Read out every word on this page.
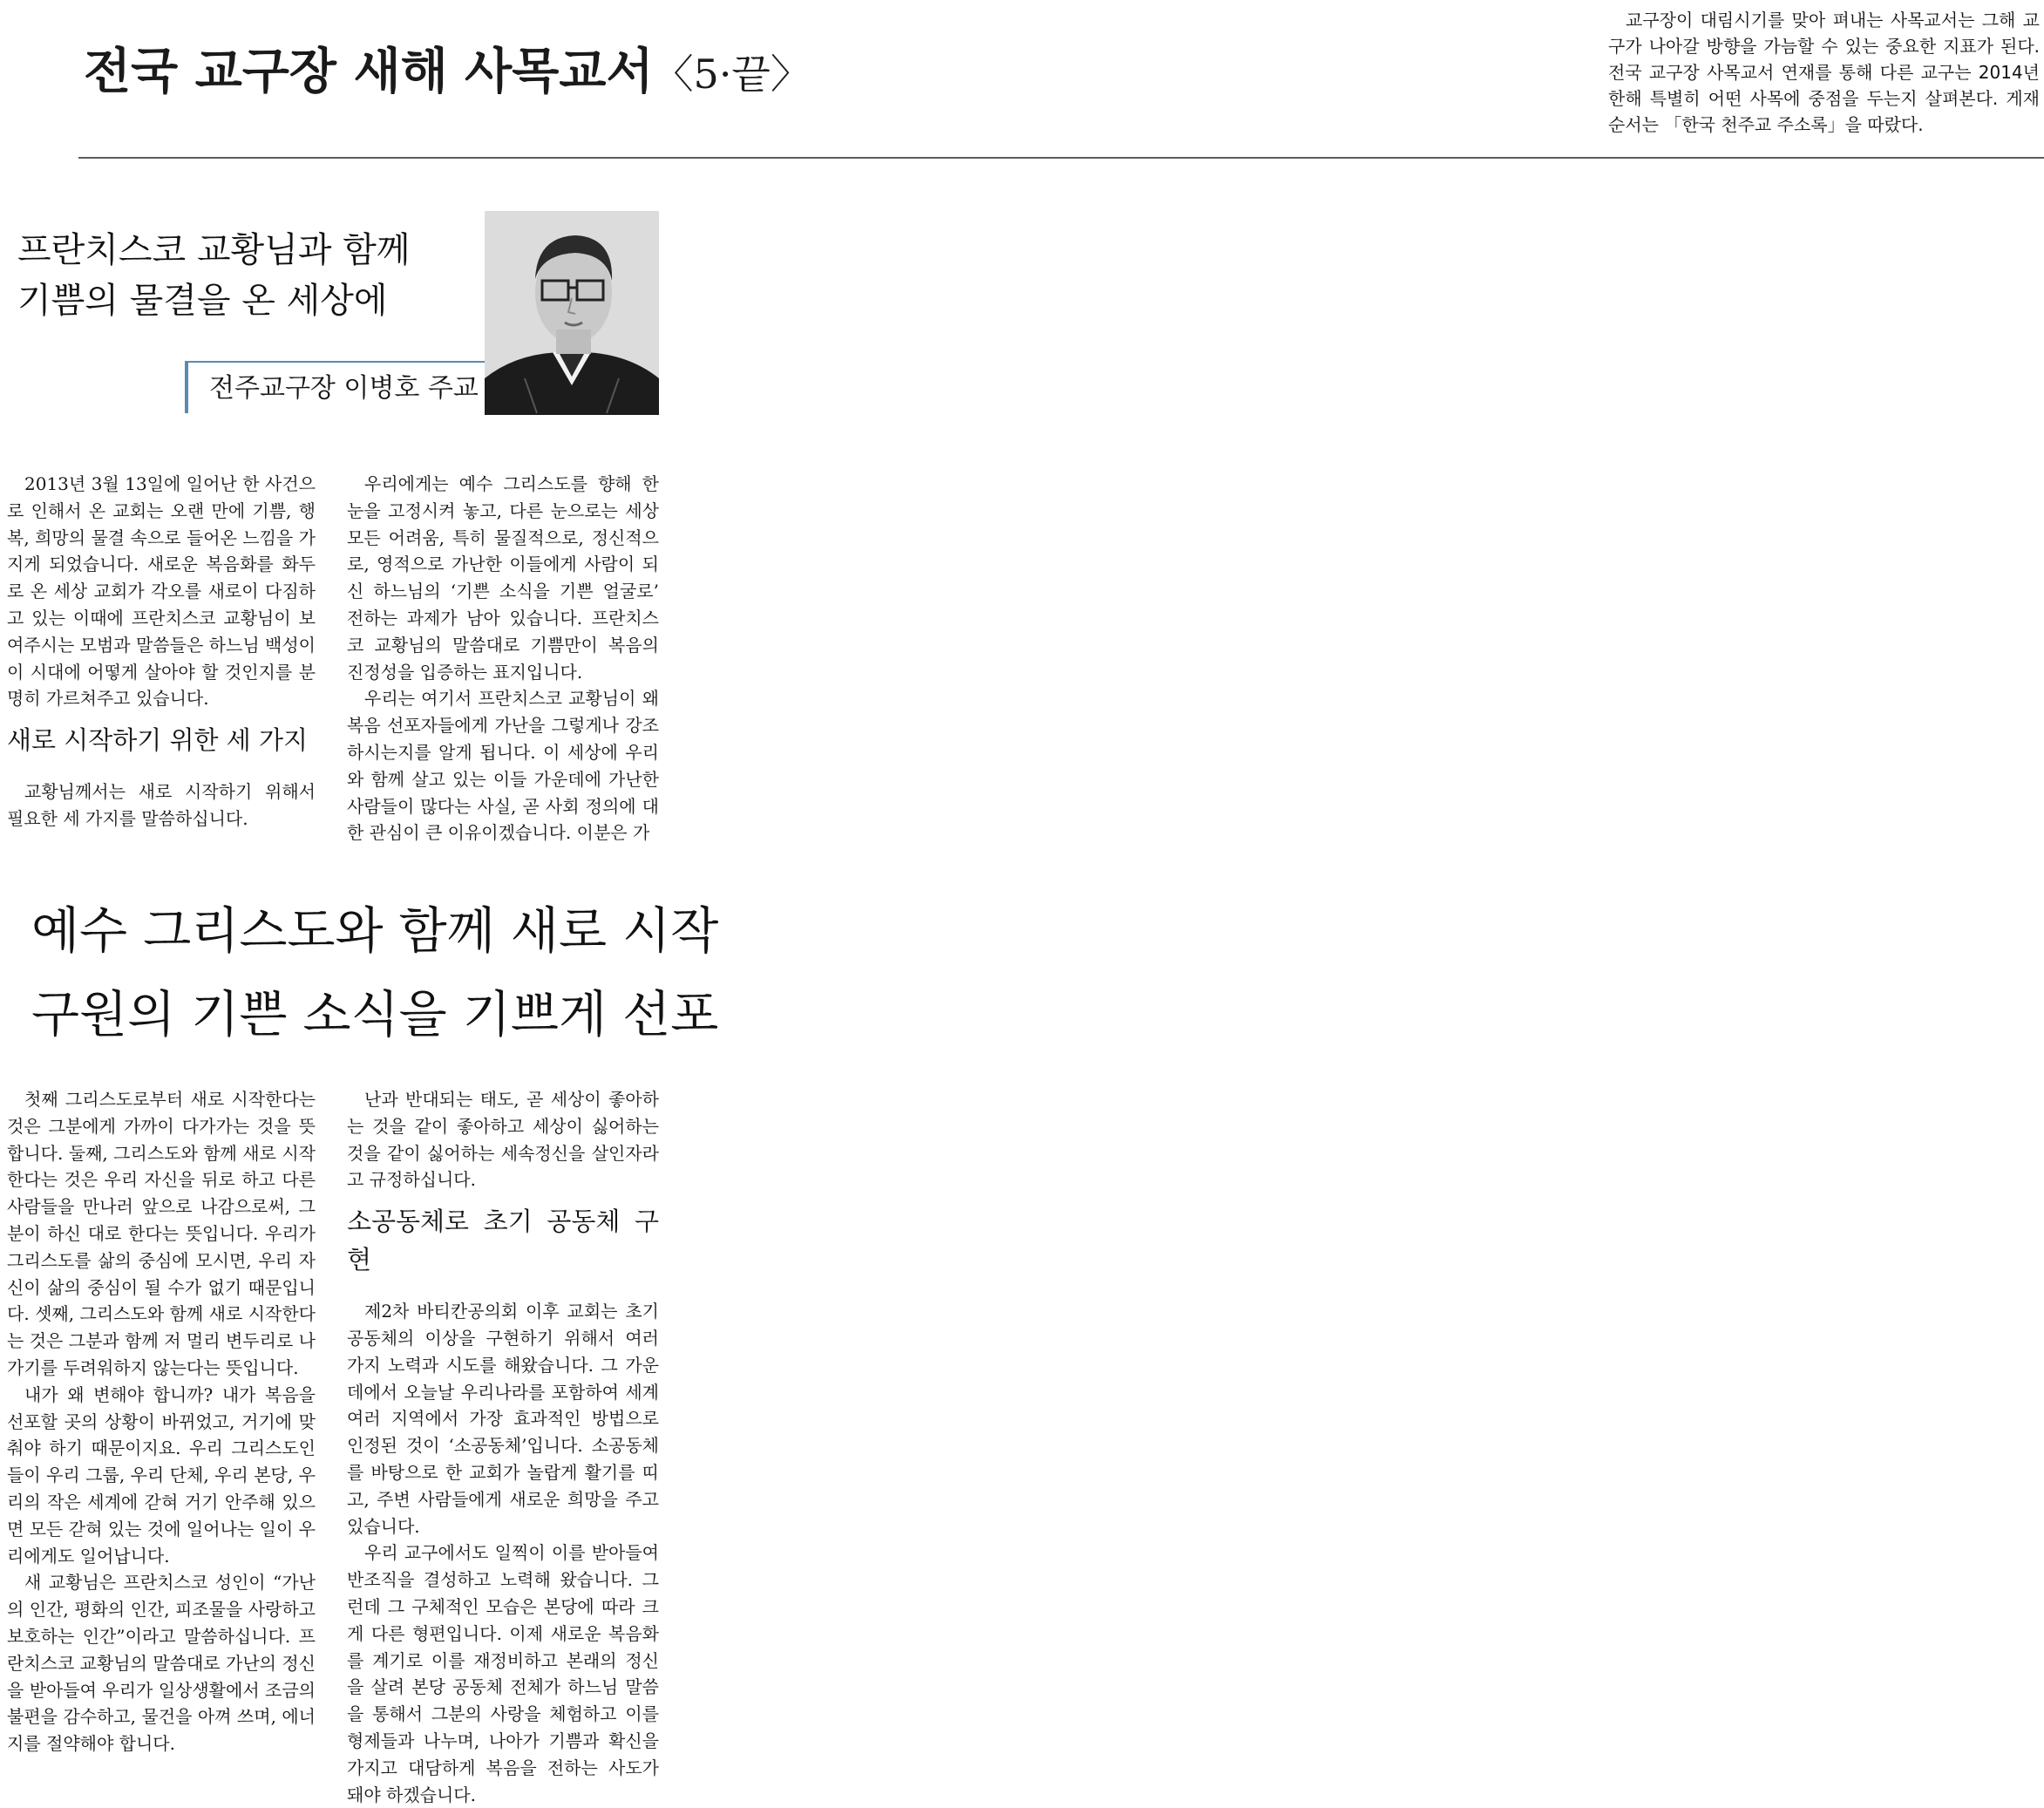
전국 교구장 새해 사목교서〈5·끝〉
교구장이 대림시기를 맞아 펴내는 사목교서는 그해 교구가 나아갈 방향을 가늠할 수 있는 중요한 지표가 된다. 전국 교구장 사목교서 연재를 통해 다른 교구는 2014년 한해 특별히 어떤 사목에 중점을 두는지 살펴본다. 게재 순서는 「한국 천주교 주소록」을 따랐다.
프란치스코 교황님과 함께
기쁨의 물결을 온 세상에
전주교구장 이병호 주교

2013년 3월 13일에 일어난 한 사건으로 인해서 온 교회는 오랜 만에 기쁨, 행복, 희망의 물결 속으로 들어온 느낌을 가지게 되었습니다. 새로운 복음화를 화두로 온 세상 교회가 각오를 새로이 다짐하고 있는 이때에 프란치스코 교황님이 보여주시는 모범과 말씀들은 하느님 백성이 이 시대에 어떻게 살아야 할 것인지를 분명히 가르쳐주고 있습니다.

새로 시작하기 위한 세 가지

교황님께서는 새로 시작하기 위해서 필요한 세 가지를 말씀하십니다.

우리에게는 예수 그리스도를 향해 한 눈을 고정시켜 놓고, 다른 눈으로는 세상 모든 어려움, 특히 물질적으로, 정신적으로, 영적으로 가난한 이들에게 사람이 되신 하느님의 ‘기쁜 소식을 기쁜 얼굴로’ 전하는 과제가 남아 있습니다. 프란치스코 교황님의 말씀대로 기쁨만이 복음의 진정성을 입증하는 표지입니다.

우리는 여기서 프란치스코 교황님이 왜 복음 선포자들에게 가난을 그렇게나 강조하시는지를 알게 됩니다. 이 세상에 우리와 함께 살고 있는 이들 가운데에 가난한 사람들이 많다는 사실, 곧 사회 정의에 대한 관심이 큰 이유이겠습니다. 이분은 가

예수 그리스도와 함께 새로 시작
구원의 기쁜 소식을 기쁘게 선포

첫째 그리스도로부터 새로 시작한다는 것은 그분에게 가까이 다가가는 것을 뜻합니다. 둘째, 그리스도와 함께 새로 시작한다는 것은 우리 자신을 뒤로 하고 다른 사람들을 만나러 앞으로 나감으로써, 그분이 하신 대로 한다는 뜻입니다. 우리가 그리스도를 삶의 중심에 모시면, 우리 자신이 삶의 중심이 될 수가 없기 때문입니다. 셋째, 그리스도와 함께 새로 시작한다는 것은 그분과 함께 저 멀리 변두리로 나가기를 두려워하지 않는다는 뜻입니다.

내가 왜 변해야 합니까? 내가 복음을 선포할 곳의 상황이 바뀌었고, 거기에 맞춰야 하기 때문이지요. 우리 그리스도인들이 우리 그룹, 우리 단체, 우리 본당, 우리의 작은 세계에 갇혀 거기 안주해 있으면 모든 갇혀 있는 것에 일어나는 일이 우리에게도 일어납니다.

새 교황님은 프란치스코 성인이 “가난의 인간, 평화의 인간, 피조물을 사랑하고 보호하는 인간”이라고 말씀하십니다. 프란치스코 교황님의 말씀대로 가난의 정신을 받아들여 우리가 일상생활에서 조금의 불편을 감수하고, 물건을 아껴 쓰며, 에너지를 절약해야 합니다.

난과 반대되는 태도, 곧 세상이 좋아하는 것을 같이 좋아하고 세상이 싫어하는 것을 같이 싫어하는 세속정신을 살인자라고 규정하십니다.

소공동체로 초기 공동체 구현

제2차 바티칸공의회 이후 교회는 초기 공동체의 이상을 구현하기 위해서 여러 가지 노력과 시도를 해왔습니다. 그 가운데에서 오늘날 우리나라를 포함하여 세계 여러 지역에서 가장 효과적인 방법으로 인정된 것이 ‘소공동체’입니다. 소공동체를 바탕으로 한 교회가 놀랍게 활기를 띠고, 주변 사람들에게 새로운 희망을 주고 있습니다.

우리 교구에서도 일찍이 이를 받아들여 반조직을 결성하고 노력해 왔습니다. 그런데 그 구체적인 모습은 본당에 따라 크게 다른 형편입니다. 이제 새로운 복음화를 계기로 이를 재정비하고 본래의 정신을 살려 본당 공동체 전체가 하느님 말씀을 통해서 그분의 사랑을 체험하고 이를 형제들과 나누며, 나아가 기쁨과 확신을 가지고 대담하게 복음을 전하는 사도가 돼야 하겠습니다.
